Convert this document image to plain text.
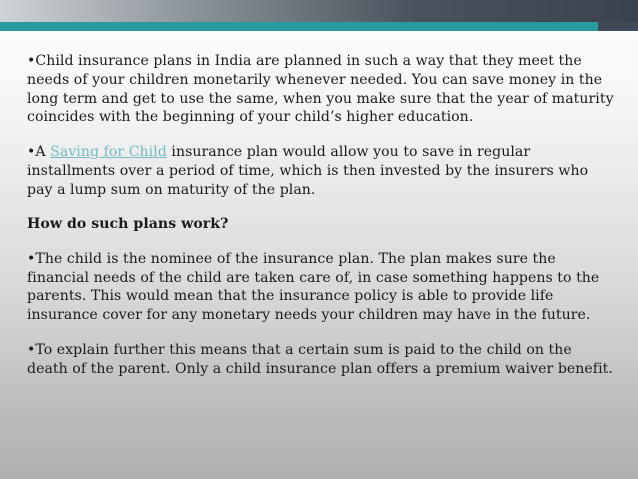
•Child insurance plans in India are planned in such a way that they meet the needs of your children monetarily whenever needed. You can save money in the long term and get to use the same, when you make sure that the year of maturity coincides with the beginning of your child’s higher education.

•A Saving for Child insurance plan would allow you to save in regular installments over a period of time, which is then invested by the insurers who pay a lump sum on maturity of the plan.

How do such plans work?

•The child is the nominee of the insurance plan. The plan makes sure the financial needs of the child are taken care of, in case something happens to the parents. This would mean that the insurance policy is able to provide life insurance cover for any monetary needs your children may have in the future.

•To explain further this means that a certain sum is paid to the child on the death of the parent. Only a child insurance plan offers a premium waiver benefit.
